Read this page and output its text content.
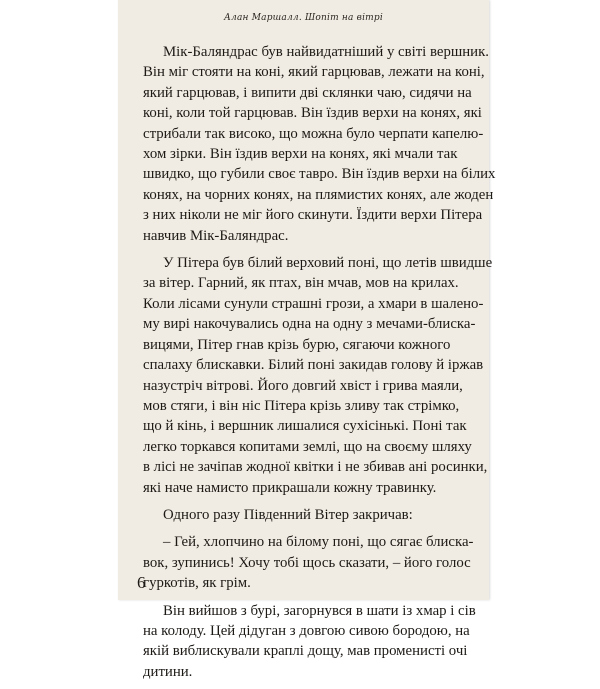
Алан Маршалл. Шопіт на вітрі

Мік-Баляндрас був найвидатніший у світі вершник.
Він міг стояти на коні, який гарцював, лежати на коні,
який гарцював, і випити дві склянки чаю, сидячи на
коні, коли той гарцював. Він їздив верхи на конях, які
стрибали так високо, що можна було черпати капелю-
хом зірки. Він їздив верхи на конях, які мчали так
швидко, що губили своє тавро. Він їздив верхи на білих
конях, на чорних конях, на плямистих конях, але жоден
з них ніколи не міг його скинути. Їздити верхи Пітера
навчив Мік-Баляндрас.

У Пітера був білий верховий поні, що летів швидше
за вітер. Гарний, як птах, він мчав, мов на крилах.
Коли лісами сунули страшні грози, а хмари в шалено-
му вирі накочувались одна на одну з мечами-блиска-
вицями, Пітер гнав крізь бурю, сягаючи кожного
спалаху блискавки. Білий поні закидав голову й іржав
назустріч вітрові. Його довгий хвіст і грива маяли,
мов стяги, і він ніс Пітера крізь зливу так стрімко,
що й кінь, і вершник лишалися сухісінькі. Поні так
легко торкався копитами землі, що на своєму шляху
в лісі не зачіпав жодної квітки і не збивав ані росинки,
які наче намисто прикрашали кожну травинку.

Одного разу Південний Вітер закричав:

– Гей, хлопчино на білому поні, що сягає блиска-
вок, зупинись! Хочу тобі щось сказати, – його голос
гуркотів, як грім.

Він вийшов з бурі, загорнувся в шати із хмар і сів
на колоду. Цей дідуган з довгою сивою бородою, на
якій виблискували краплі дощу, мав променисті очі
дитини.

6
